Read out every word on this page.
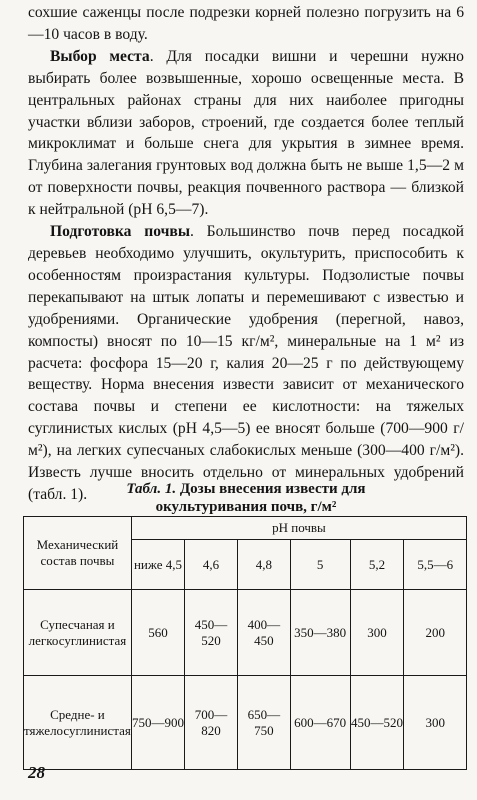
сохшие саженцы после подрезки корней полезно погрузить на 6—10 часов в воду.

Выбор места. Для посадки вишни и черешни нужно выбирать более возвышенные, хорошо освещенные места. В центральных районах страны для них наиболее пригодны участки вблизи заборов, строений, где создается более теплый микроклимат и больше снега для укрытия в зимнее время. Глубина залегания грунтовых вод должна быть не выше 1,5—2 м от поверхности почвы, реакция почвенного раствора — близкой к нейтральной (рН 6,5—7).

Подготовка почвы. Большинство почв перед посадкой деревьев необходимо улучшить, окультурить, приспособить к особенностям произрастания культуры. Подзолистые почвы перекапывают на штык лопаты и перемешивают с известью и удобрениями. Органические удобрения (перегной, навоз, компосты) вносят по 10—15 кг/м², минеральные на 1 м² из расчета: фосфора 15—20 г, калия 20—25 г по действующему веществу. Норма внесения извести зависит от механического состава почвы и степени ее кислотности: на тяжелых суглинистых кислых (рН 4,5—5) ее вносят больше (700—900 г/м²), на легких супесчаных слабокислых меньше (300—400 г/м²). Известь лучше вносить отдельно от минеральных удобрений (табл. 1).	Табл. 1. Дозы внесения извести для
окультуривания почв, г/м²
Механический состав почвы	рН почвы					
	ниже 4,5	4,6	4,8	5	5,2	5,5—6
Супесчаная и легкосуглинистая	560	450—520	400—450	350—380	300	200
Средне- и тяжелосуглинистая	750—900	700—820	650—750	600—670	450—520	300
28
